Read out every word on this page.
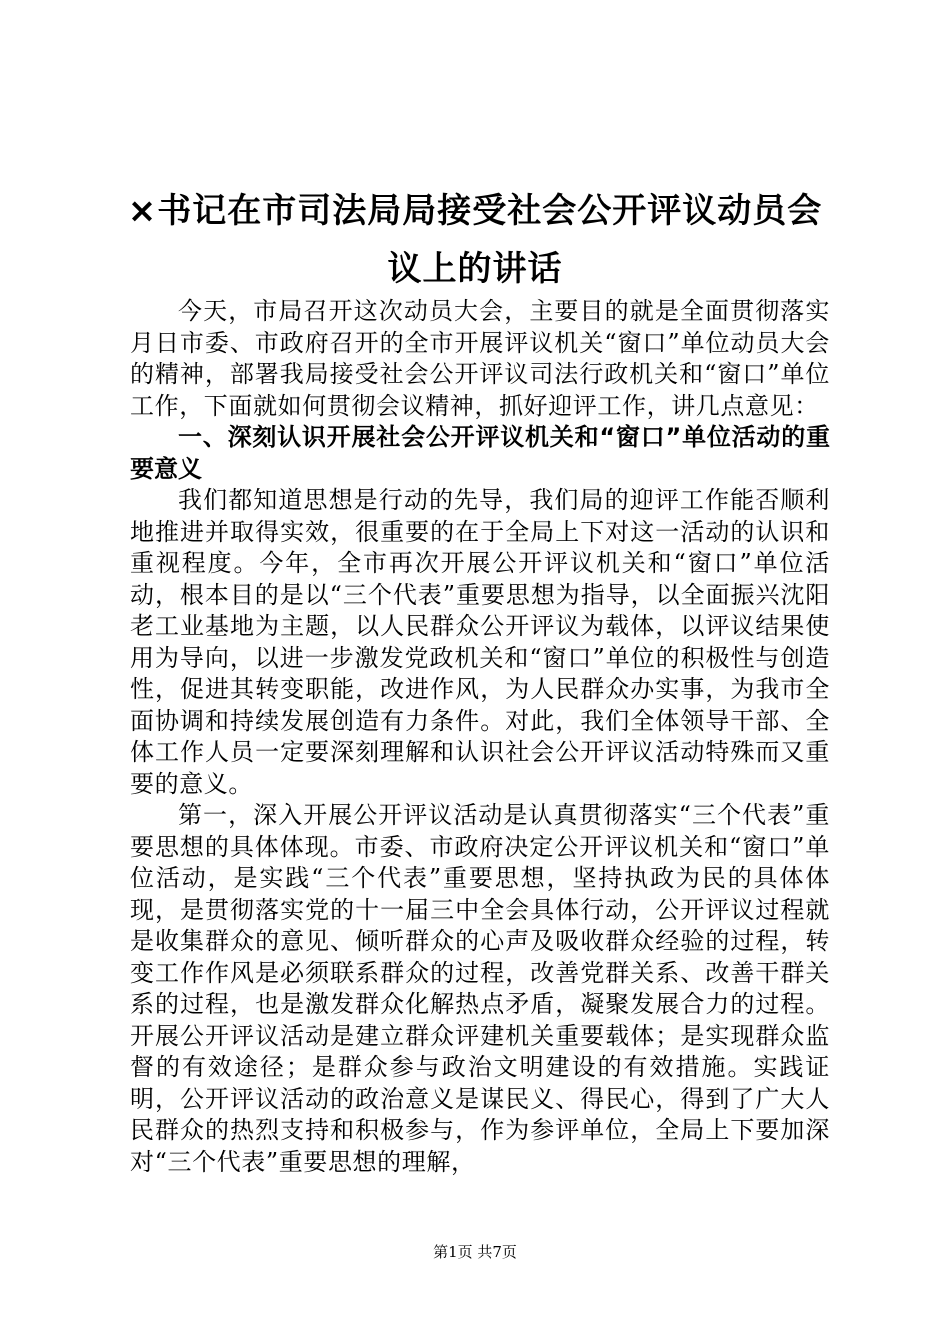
×书记在市司法局局接受社会公开评议动员会
议上的讲话

今天，市局召开这次动员大会，主要目的就是全面贯彻落实月日市委、市政府召开的全市开展评议机关“窗口”单位动员大会的精神，部署我局接受社会公开评议司法行政机关和“窗口”单位工作，下面就如何贯彻会议精神，抓好迎评工作，讲几点意见：

一、深刻认识开展社会公开评议机关和“窗口”单位活动的重要意义

我们都知道思想是行动的先导，我们局的迎评工作能否顺利地推进并取得实效，很重要的在于全局上下对这一活动的认识和重视程度。今年，全市再次开展公开评议机关和“窗口”单位活动，根本目的是以“三个代表”重要思想为指导，以全面振兴沈阳老工业基地为主题，以人民群众公开评议为载体，以评议结果使用为导向，以进一步激发党政机关和“窗口”单位的积极性与创造性，促进其转变职能，改进作风，为人民群众办实事，为我市全面协调和持续发展创造有力条件。对此，我们全体领导干部、全体工作人员一定要深刻理解和认识社会公开评议活动特殊而又重要的意义。

第一，深入开展公开评议活动是认真贯彻落实“三个代表”重要思想的具体体现。市委、市政府决定公开评议机关和“窗口”单位活动，是实践“三个代表”重要思想，坚持执政为民的具体体现，是贯彻落实党的十一届三中全会具体行动，公开评议过程就是收集群众的意见、倾听群众的心声及吸收群众经验的过程，转变工作作风是必须联系群众的过程，改善党群关系、改善干群关系的过程，也是激发群众化解热点矛盾，凝聚发展合力的过程。开展公开评议活动是建立群众评建机关重要载体；是实现群众监督的有效途径；是群众参与政治文明建设的有效措施。实践证明，公开评议活动的政治意义是谋民义、得民心，得到了广大人民群众的热烈支持和积极参与，作为参评单位，全局上下要加深对“三个代表”重要思想的理解，

第1页 共7页
